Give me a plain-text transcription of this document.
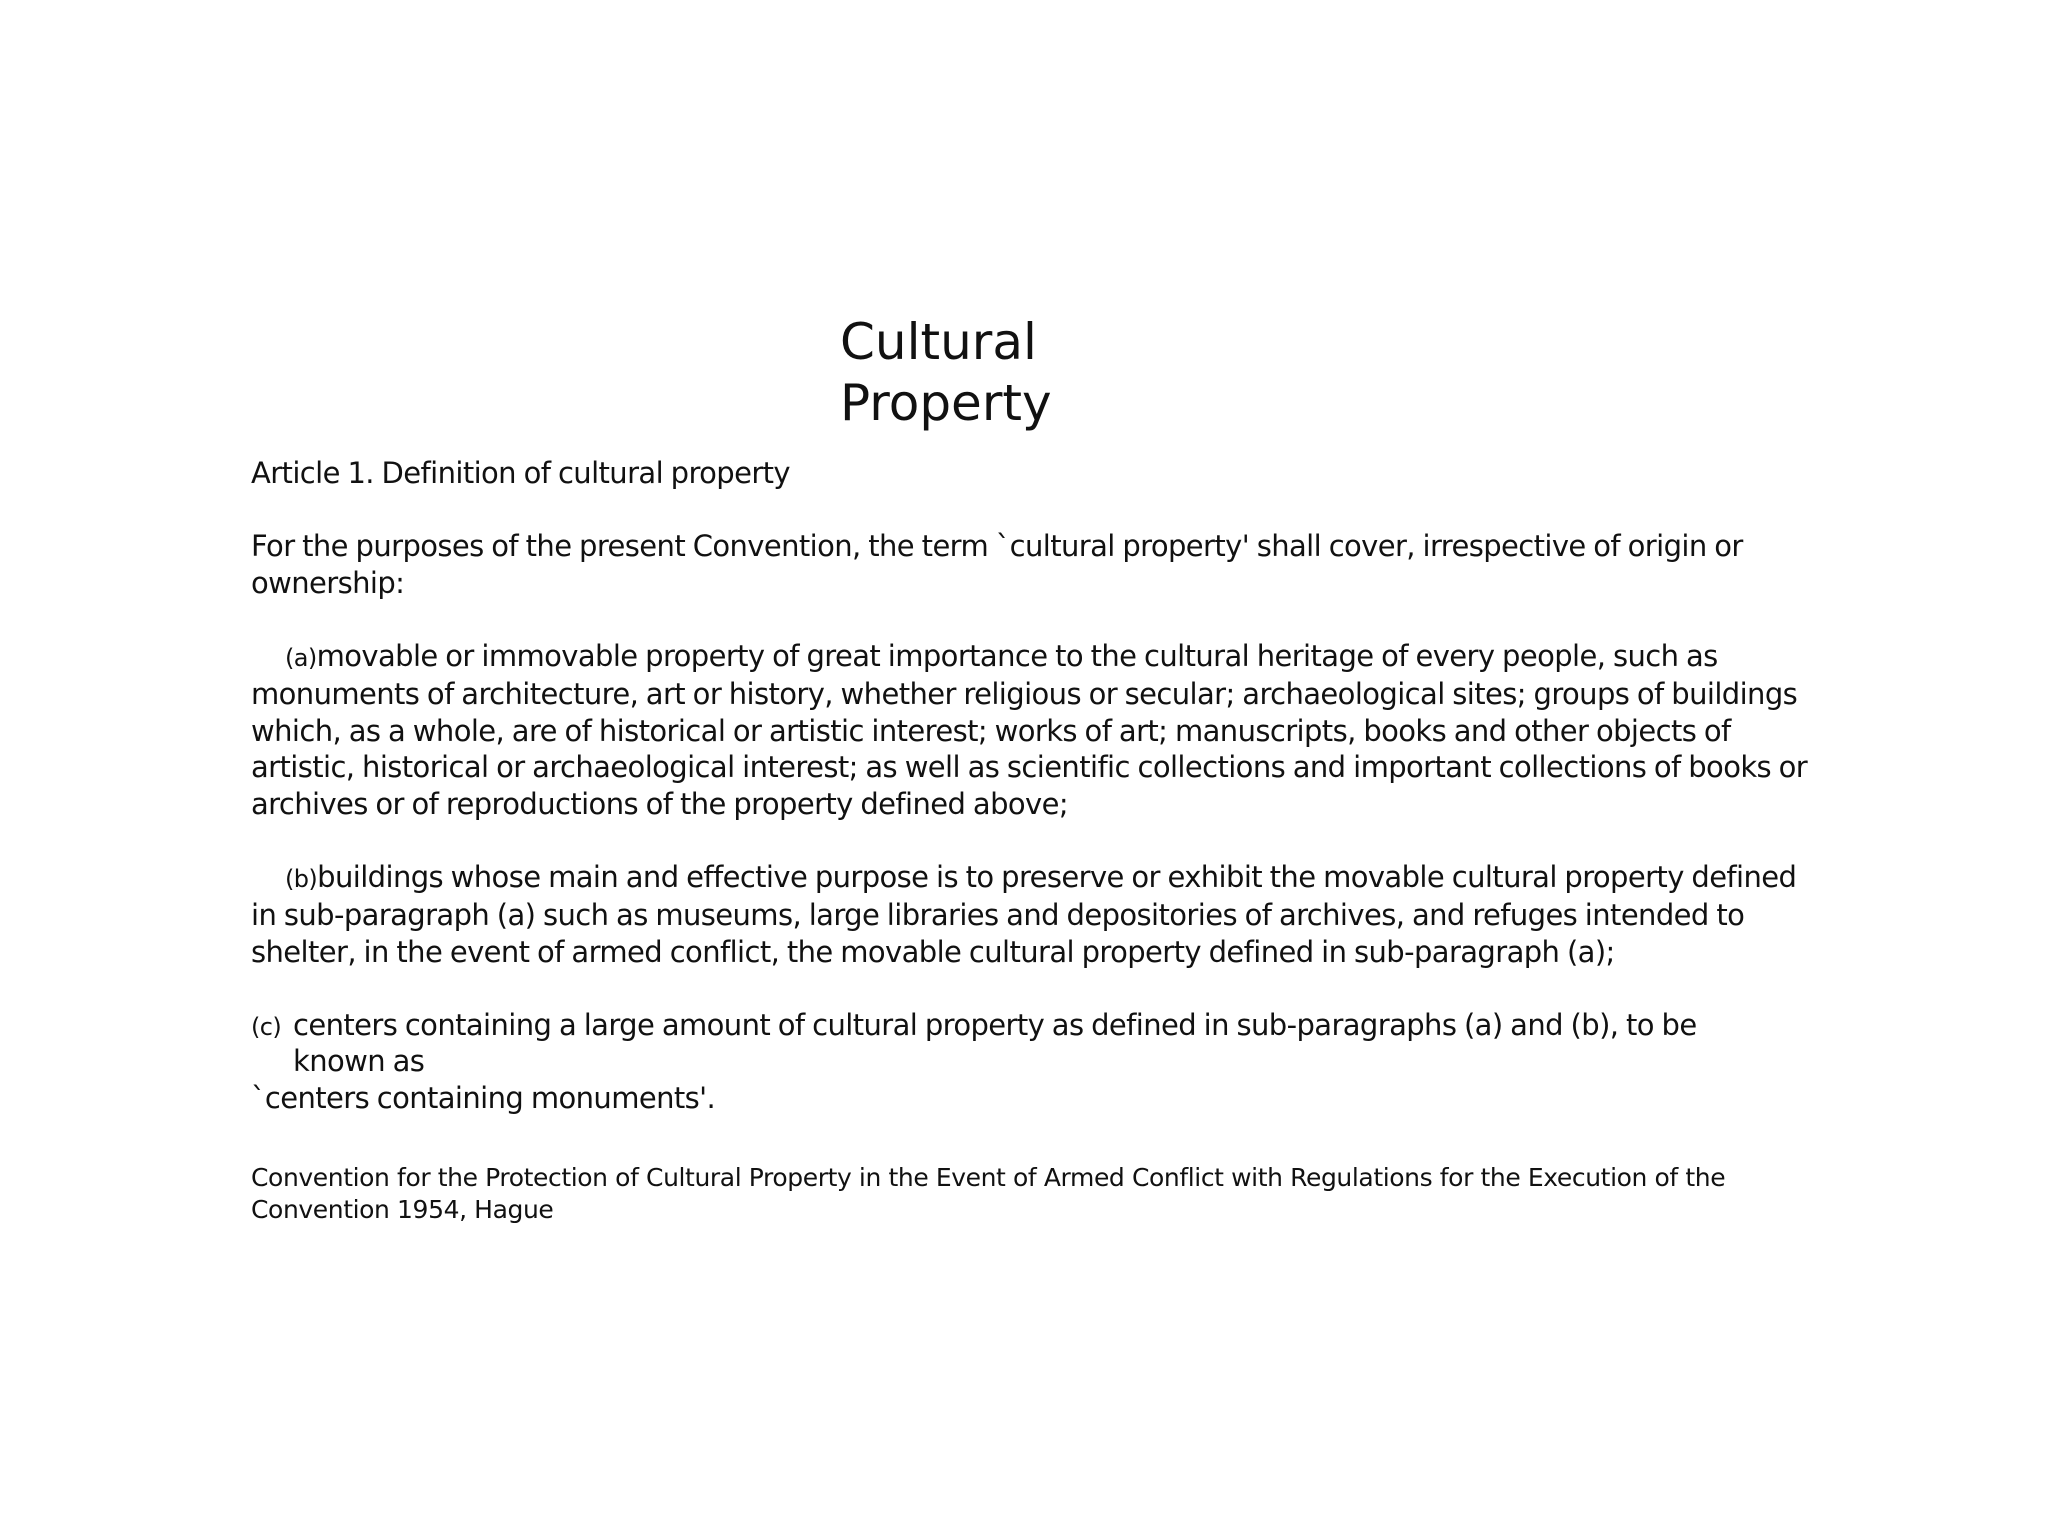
Cultural
Property

Article 1. Definition of cultural property

For the purposes of the present Convention, the term `cultural property' shall cover, irrespective of origin or ownership:

(a)movable or immovable property of great importance to the cultural heritage of every people, such as monuments of architecture, art or history, whether religious or secular; archaeological sites; groups of buildings which, as a whole, are of historical or artistic interest; works of art; manuscripts, books and other objects of artistic, historical or archaeological interest; as well as scientific collections and important collections of books or archives or of reproductions of the property defined above;

(b)buildings whose main and effective purpose is to preserve or exhibit the movable cultural property defined in sub-paragraph (a) such as museums, large libraries and depositories of archives, and refuges intended to shelter, in the event of armed conflict, the movable cultural property defined in sub-paragraph (a);

(c) centers containing a large amount of cultural property as defined in sub-paragraphs (a) and (b), to be known as
`centers containing monuments'.
Convention for the Protection of Cultural Property in the Event of Armed Conflict with Regulations for the Execution of the Convention 1954, Hague
